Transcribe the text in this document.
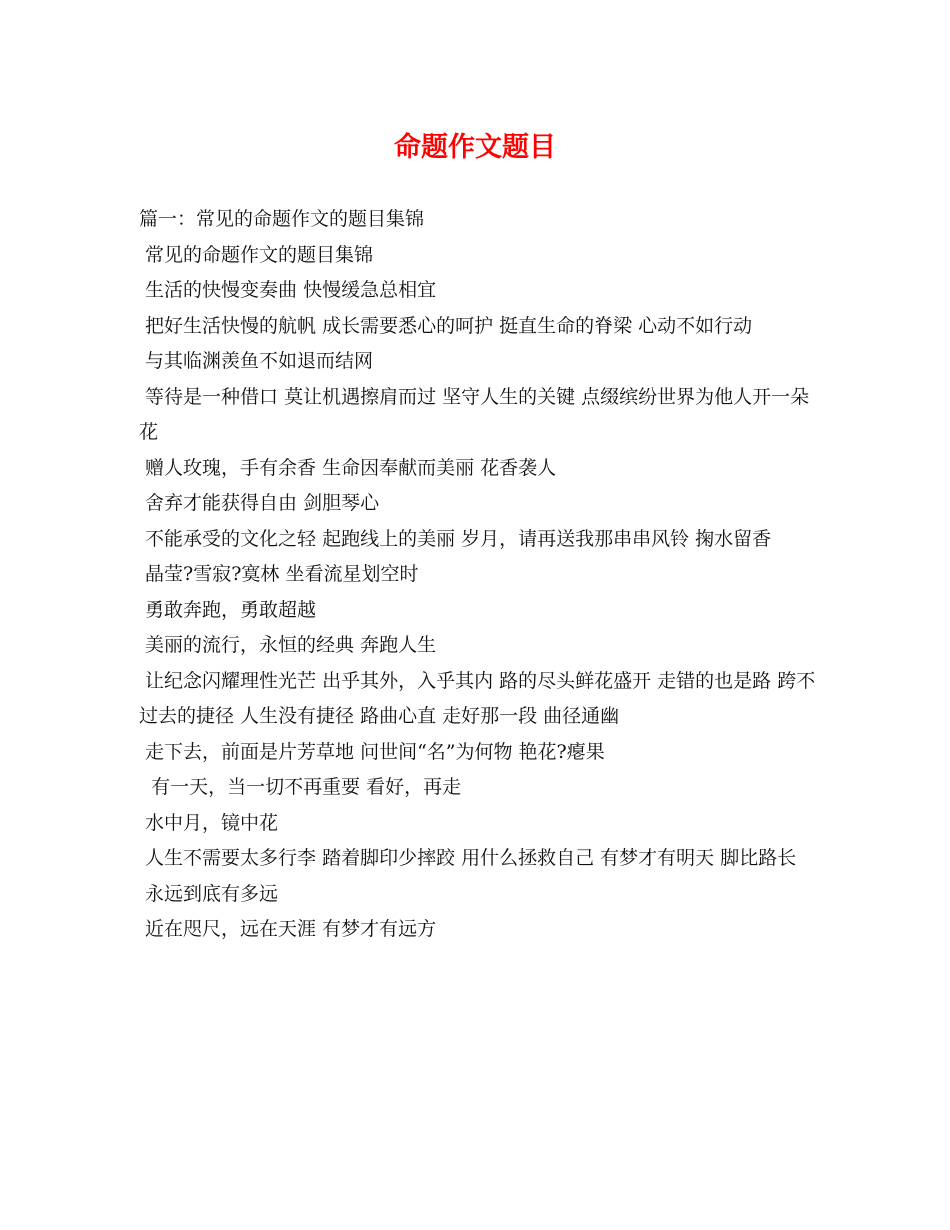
命题作文题目
篇一：常见的命题作文的题目集锦
常见的命题作文的题目集锦
生活的快慢变奏曲 快慢缓急总相宜
把好生活快慢的航帆 成长需要悉心的呵护 挺直生命的脊梁 心动不如行动
与其临渊羡鱼不如退而结网
等待是一种借口 莫让机遇擦肩而过 坚守人生的关键 点缀缤纷世界为他人开一朵花
赠人玫瑰，手有余香 生命因奉献而美丽 花香袭人
舍弃才能获得自由 剑胆琴心
不能承受的文化之轻 起跑线上的美丽 岁月，请再送我那串串风铃 掬水留香
晶莹?雪寂?寞林 坐看流星划空时
勇敢奔跑，勇敢超越
美丽的流行，永恒的经典 奔跑人生
让纪念闪耀理性光芒 出乎其外，入乎其内 路的尽头鲜花盛开 走错的也是路 跨不过去的捷径 人生没有捷径 路曲心直 走好那一段 曲径通幽
走下去，前面是片芳草地 问世间“名”为何物 艳花?瘪果
有一天，当一切不再重要 看好，再走
水中月，镜中花
人生不需要太多行李 踏着脚印少摔跤 用什么拯救自己 有梦才有明天 脚比路长
永远到底有多远
近在咫尺，远在天涯 有梦才有远方
